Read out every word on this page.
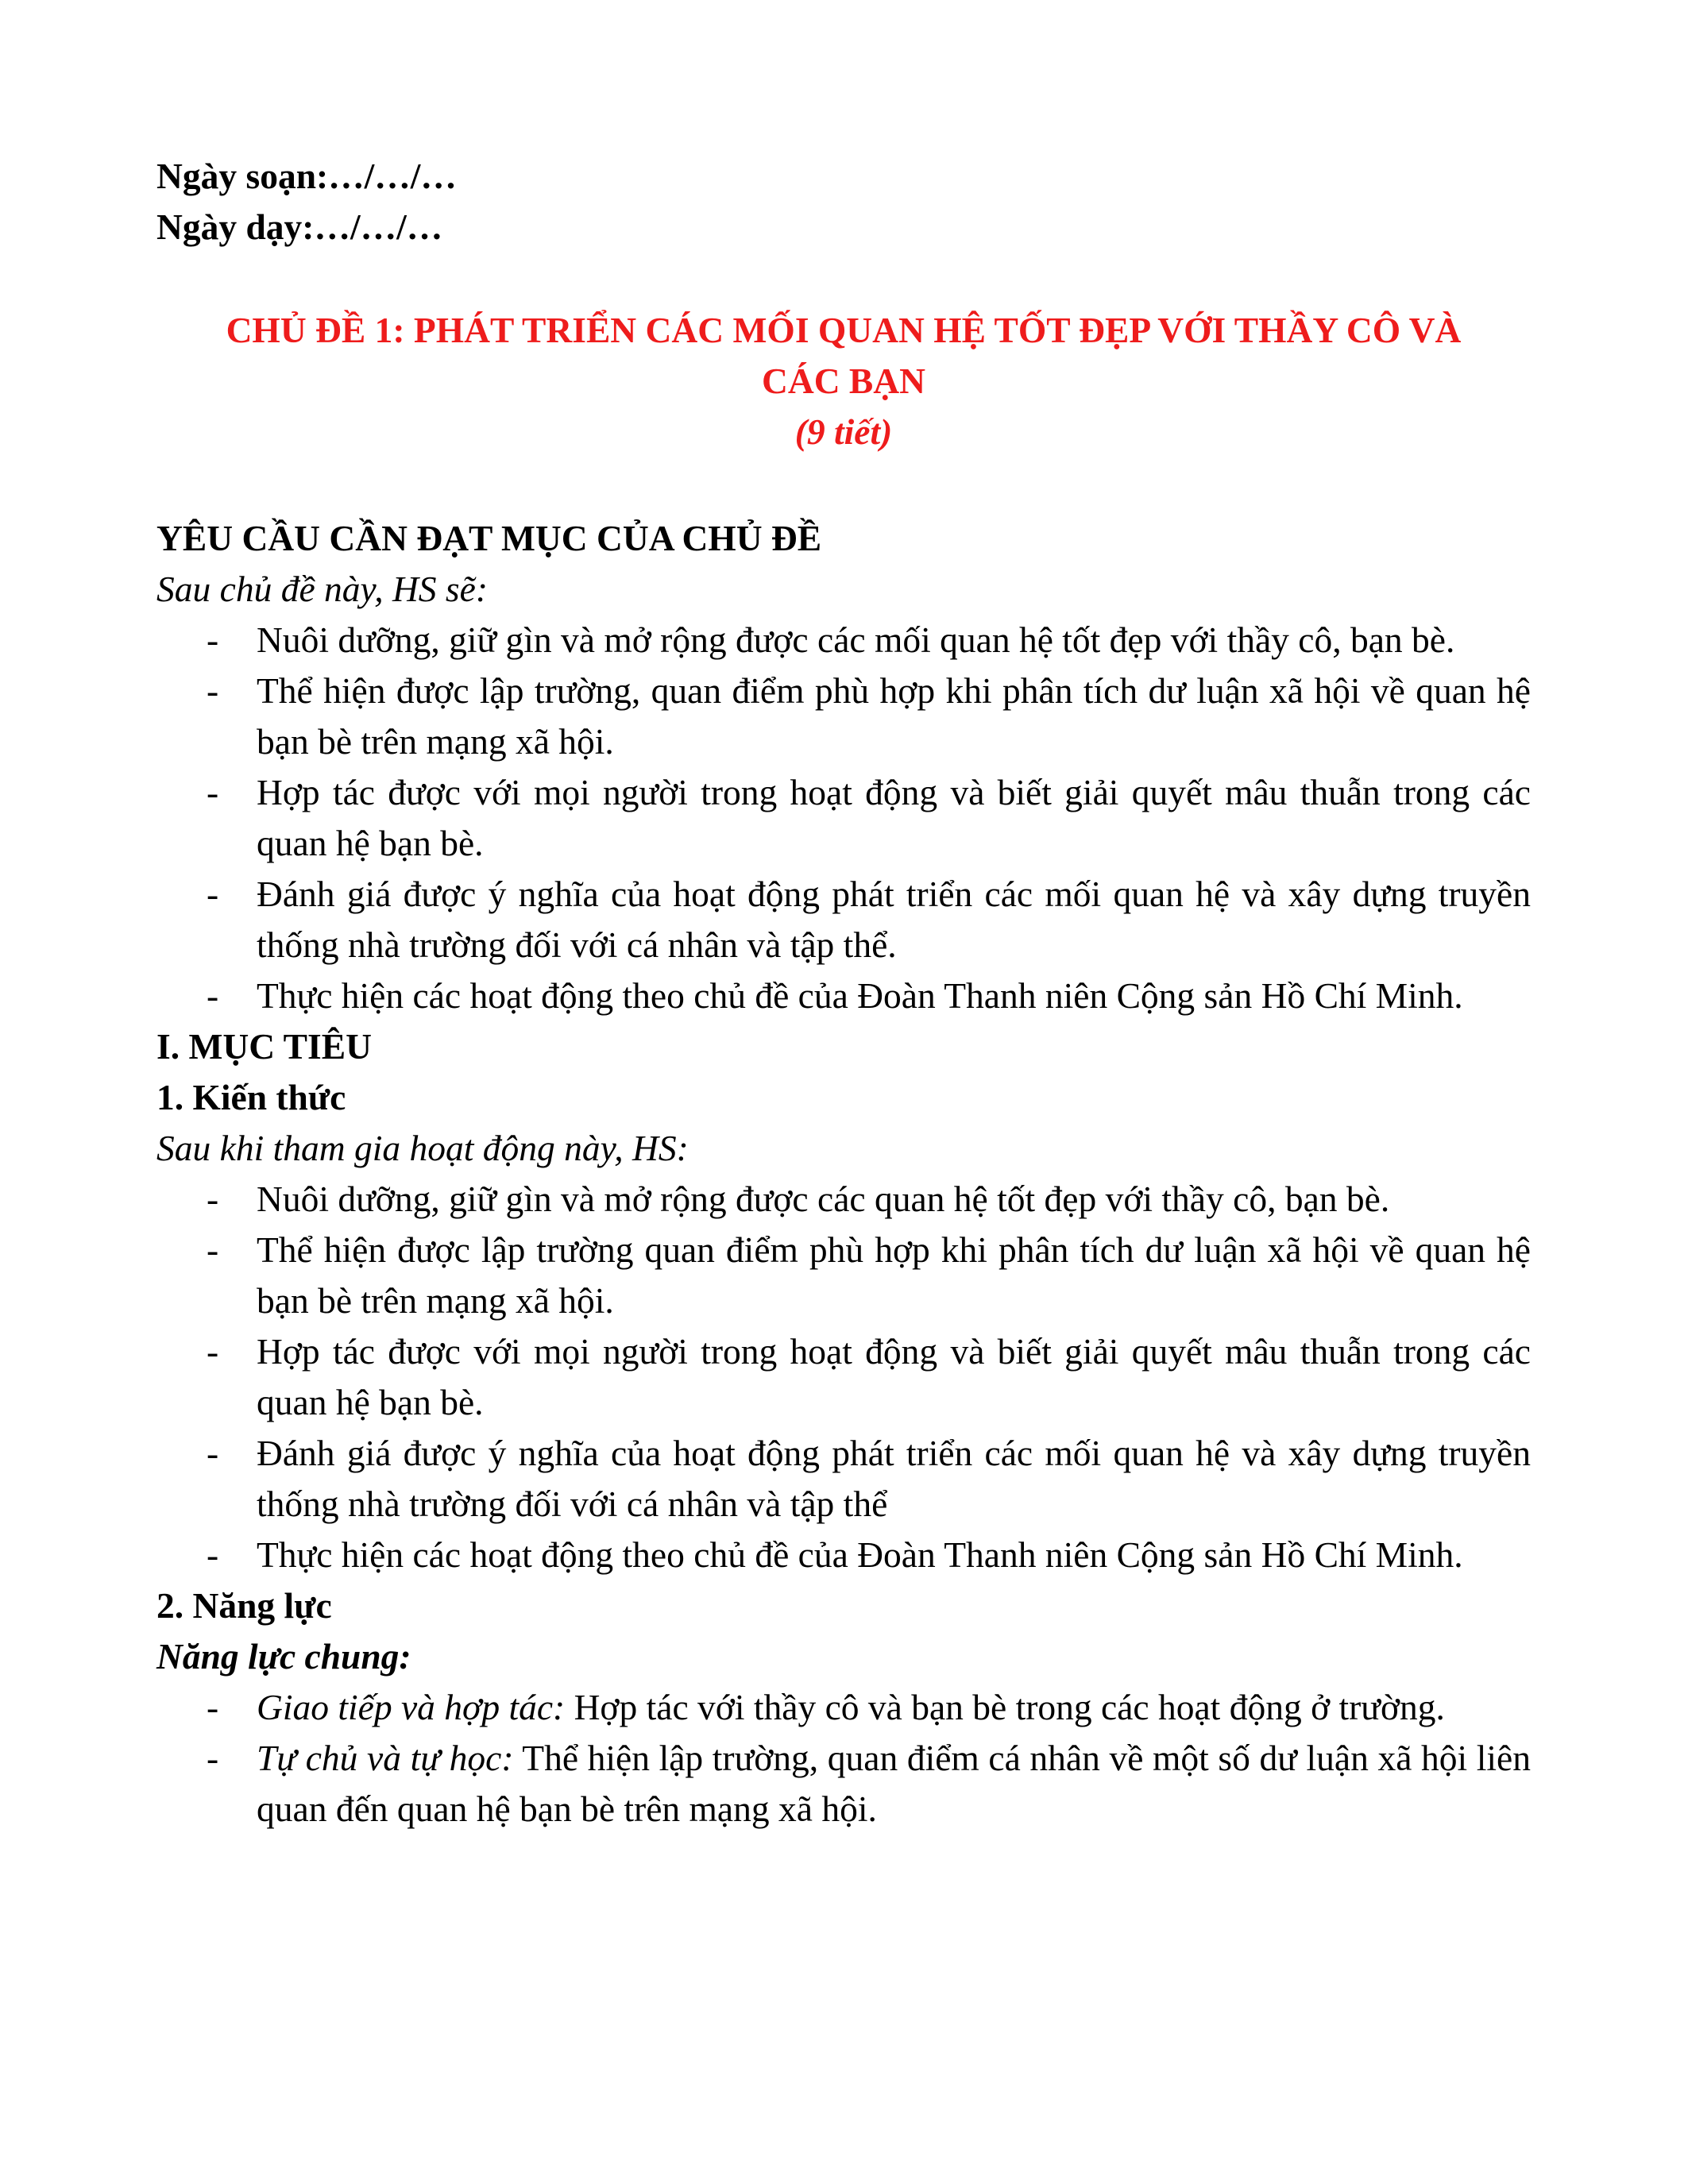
Ngày soạn:…/…/…
Ngày dạy:…/…/…
CHỦ ĐỀ 1: PHÁT TRIỂN CÁC MỐI QUAN HỆ TỐT ĐẸP VỚI THẦY CÔ VÀ
CÁC BẠN
(9 tiết)
YÊU CẦU CẦN ĐẠT MỤC CỦA CHỦ ĐỀ
Sau chủ đề này, HS sẽ:
- Nuôi dưỡng, giữ gìn và mở rộng được các mối quan hệ tốt đẹp với thầy cô, bạn bè.
- Thể hiện được lập trường, quan điểm phù hợp khi phân tích dư luận xã hội về quan hệ bạn bè trên mạng xã hội.
- Hợp tác được với mọi người trong hoạt động và biết giải quyết mâu thuẫn trong các quan hệ bạn bè.
- Đánh giá được ý nghĩa của hoạt động phát triển các mối quan hệ và xây dựng truyền thống nhà trường đối với cá nhân và tập thể.
- Thực hiện các hoạt động theo chủ đề của Đoàn Thanh niên Cộng sản Hồ Chí Minh.
I. MỤC TIÊU
1. Kiến thức
Sau khi tham gia hoạt động này, HS:
- Nuôi dưỡng, giữ gìn và mở rộng được các quan hệ tốt đẹp với thầy cô, bạn bè.
- Thể hiện được lập trường quan điểm phù hợp khi phân tích dư luận xã hội về quan hệ bạn bè trên mạng xã hội.
- Hợp tác được với mọi người trong hoạt động và biết giải quyết mâu thuẫn trong các quan hệ bạn bè.
- Đánh giá được ý nghĩa của hoạt động phát triển các mối quan hệ và xây dựng truyền thống nhà trường đối với cá nhân và tập thể
- Thực hiện các hoạt động theo chủ đề của Đoàn Thanh niên Cộng sản Hồ Chí Minh.
2. Năng lực
Năng lực chung:
- Giao tiếp và hợp tác: Hợp tác với thầy cô và bạn bè trong các hoạt động ở trường.
- Tự chủ và tự học: Thể hiện lập trường, quan điểm cá nhân về một số dư luận xã hội liên quan đến quan hệ bạn bè trên mạng xã hội.
